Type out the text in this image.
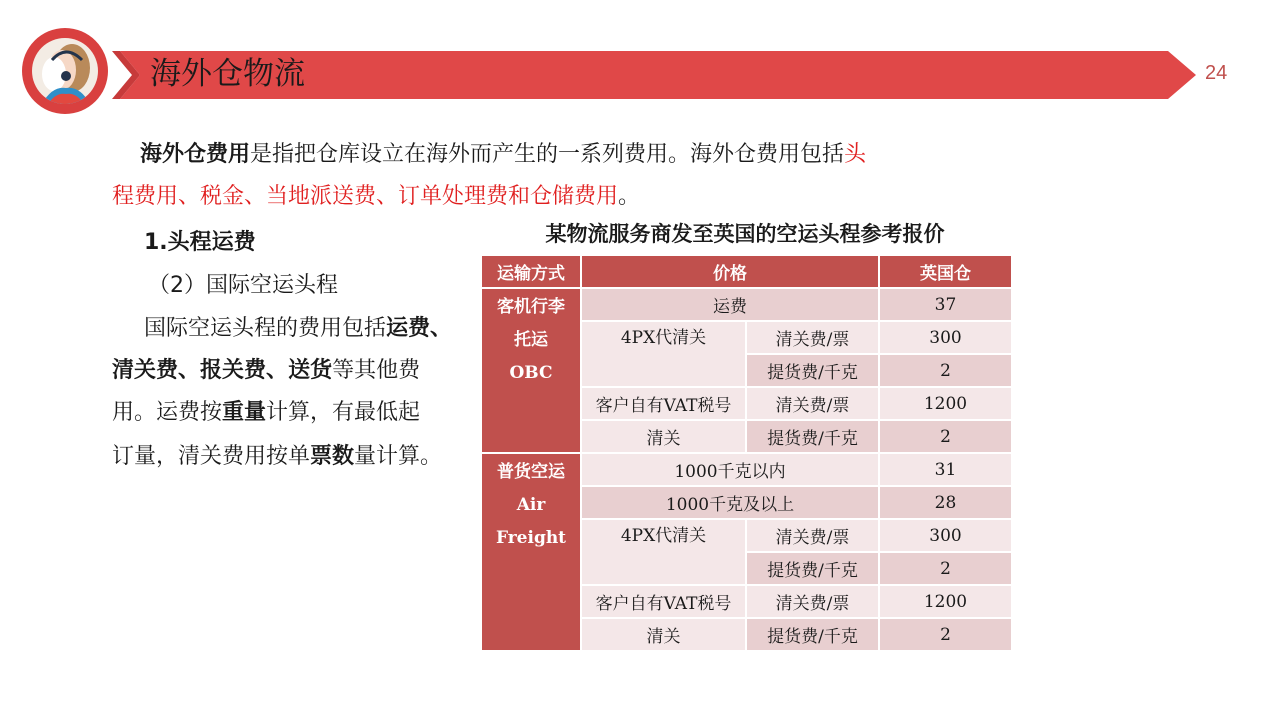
海外仓物流	24
海外仓费用是指把仓库设立在海外而产生的一系列费用。海外仓费用包括头
程费用、税金、当地派送费、订单处理费和仓储费用。
1.头程运费
（2）国际空运头程
国际空运头程的费用包括运费、
清关费、报关费、送货等其他费
用。运费按重量计算，有最低起
订量，清关费用按单票数量计算。
某物流服务商发至英国的空运头程参考报价
运输方式	价格		英国仓

客机行李
托运
OBC	运费		37
	4PX代清关	清关费/票	300
		提货费/千克	2
	客户自有VAT税号	清关费/票	1200
	清关	提货费/千克	2

普货空运
Air
Freight	1000千克以内		31
	1000千克及以上		28
	4PX代清关	清关费/票	300
		提货费/千克	2
	客户自有VAT税号	清关费/票	1200
	清关	提货费/千克	2
